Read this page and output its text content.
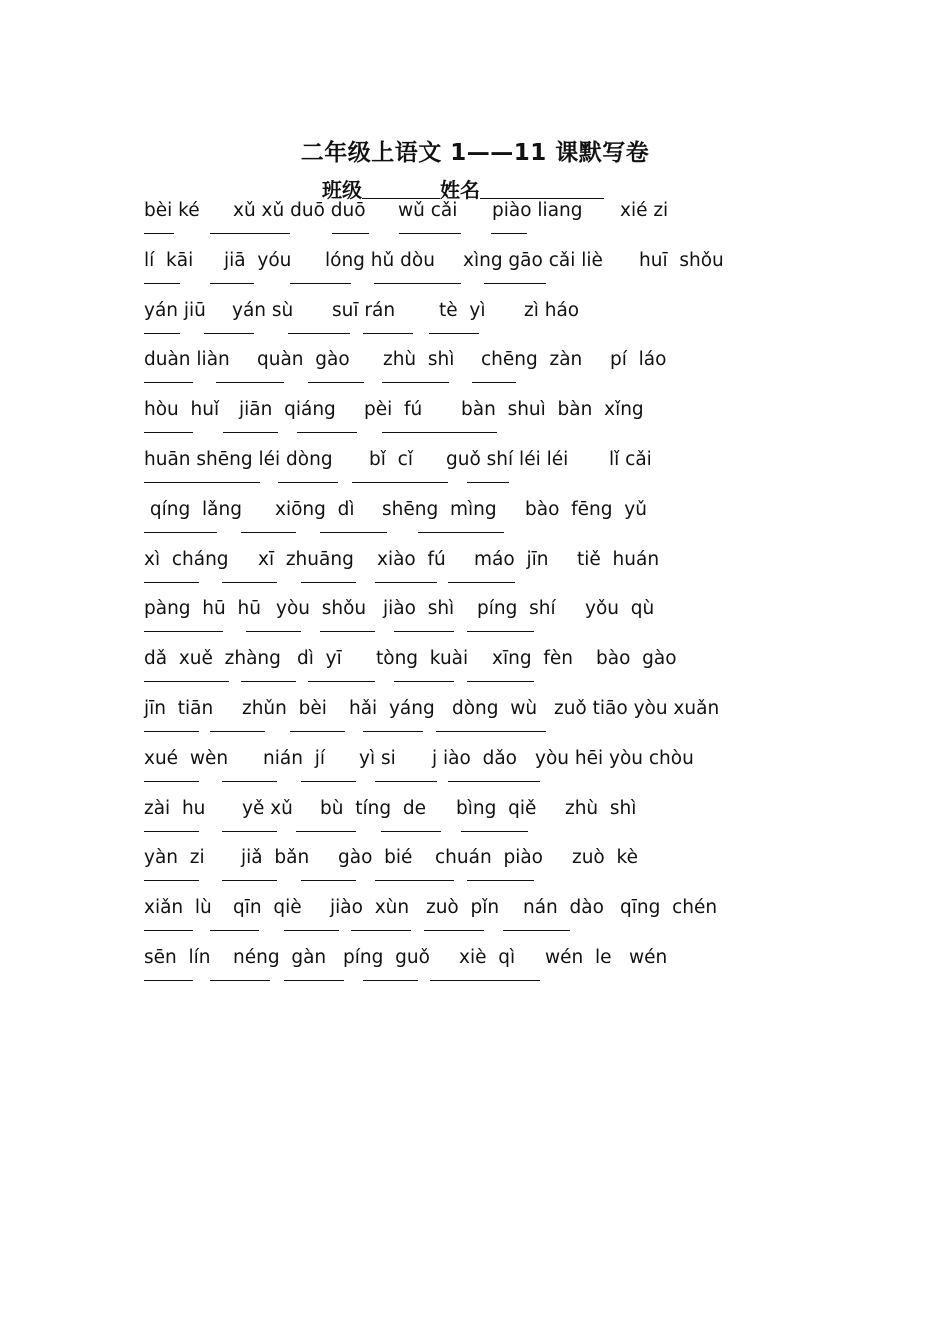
二年级上语文 1——11 课默写卷
班级	姓名
bèi ké xǔ xǔ duō duō wǔ cǎi piào liang xié zi
lí  kāi jiā  yóu lóng hǔ dòu xìng gāo cǎi liè huī  shǒu
yán jiū yán sù suī rán tè  yì zì háo
duàn liàn quàn  gào zhù  shì chēng  zàn pí  láo
hòu  huǐ jiān  qiáng pèi  fú bàn  shuì  bàn  xǐng
huān shēng léi dòng bǐ  cǐ guǒ shí léi léi lǐ cǎi
qíng  lǎng xiōng  dì shēng  mìng bào  fēng  yǔ
xì  cháng xī  zhuāng xiào  fú máo  jīn tiě  huán
pàng  hū  hū yòu  shǒu jiào  shì píng  shí yǒu  qù
dǎ  xuě  zhàng dì  yī tòng  kuài xīng  fèn bào  gào
jīn  tiān zhǔn  bèi hǎi  yáng dòng  wù zuǒ tiāo yòu xuǎn
xué  wèn nián  jí yì si j iào  dǎo yòu hēi yòu chòu
zài  hu yě xǔ bù  tíng  de bìng  qiě zhù  shì
yàn  zi jiǎ  bǎn gào  bié chuán  piào zuò  kè
xiǎn  lù qīn  qiè jiào  xùn zuò  pǐn nán  dào qīng  chén
sēn  lín néng  gàn píng  guǒ xiè  qì wén  le wén
